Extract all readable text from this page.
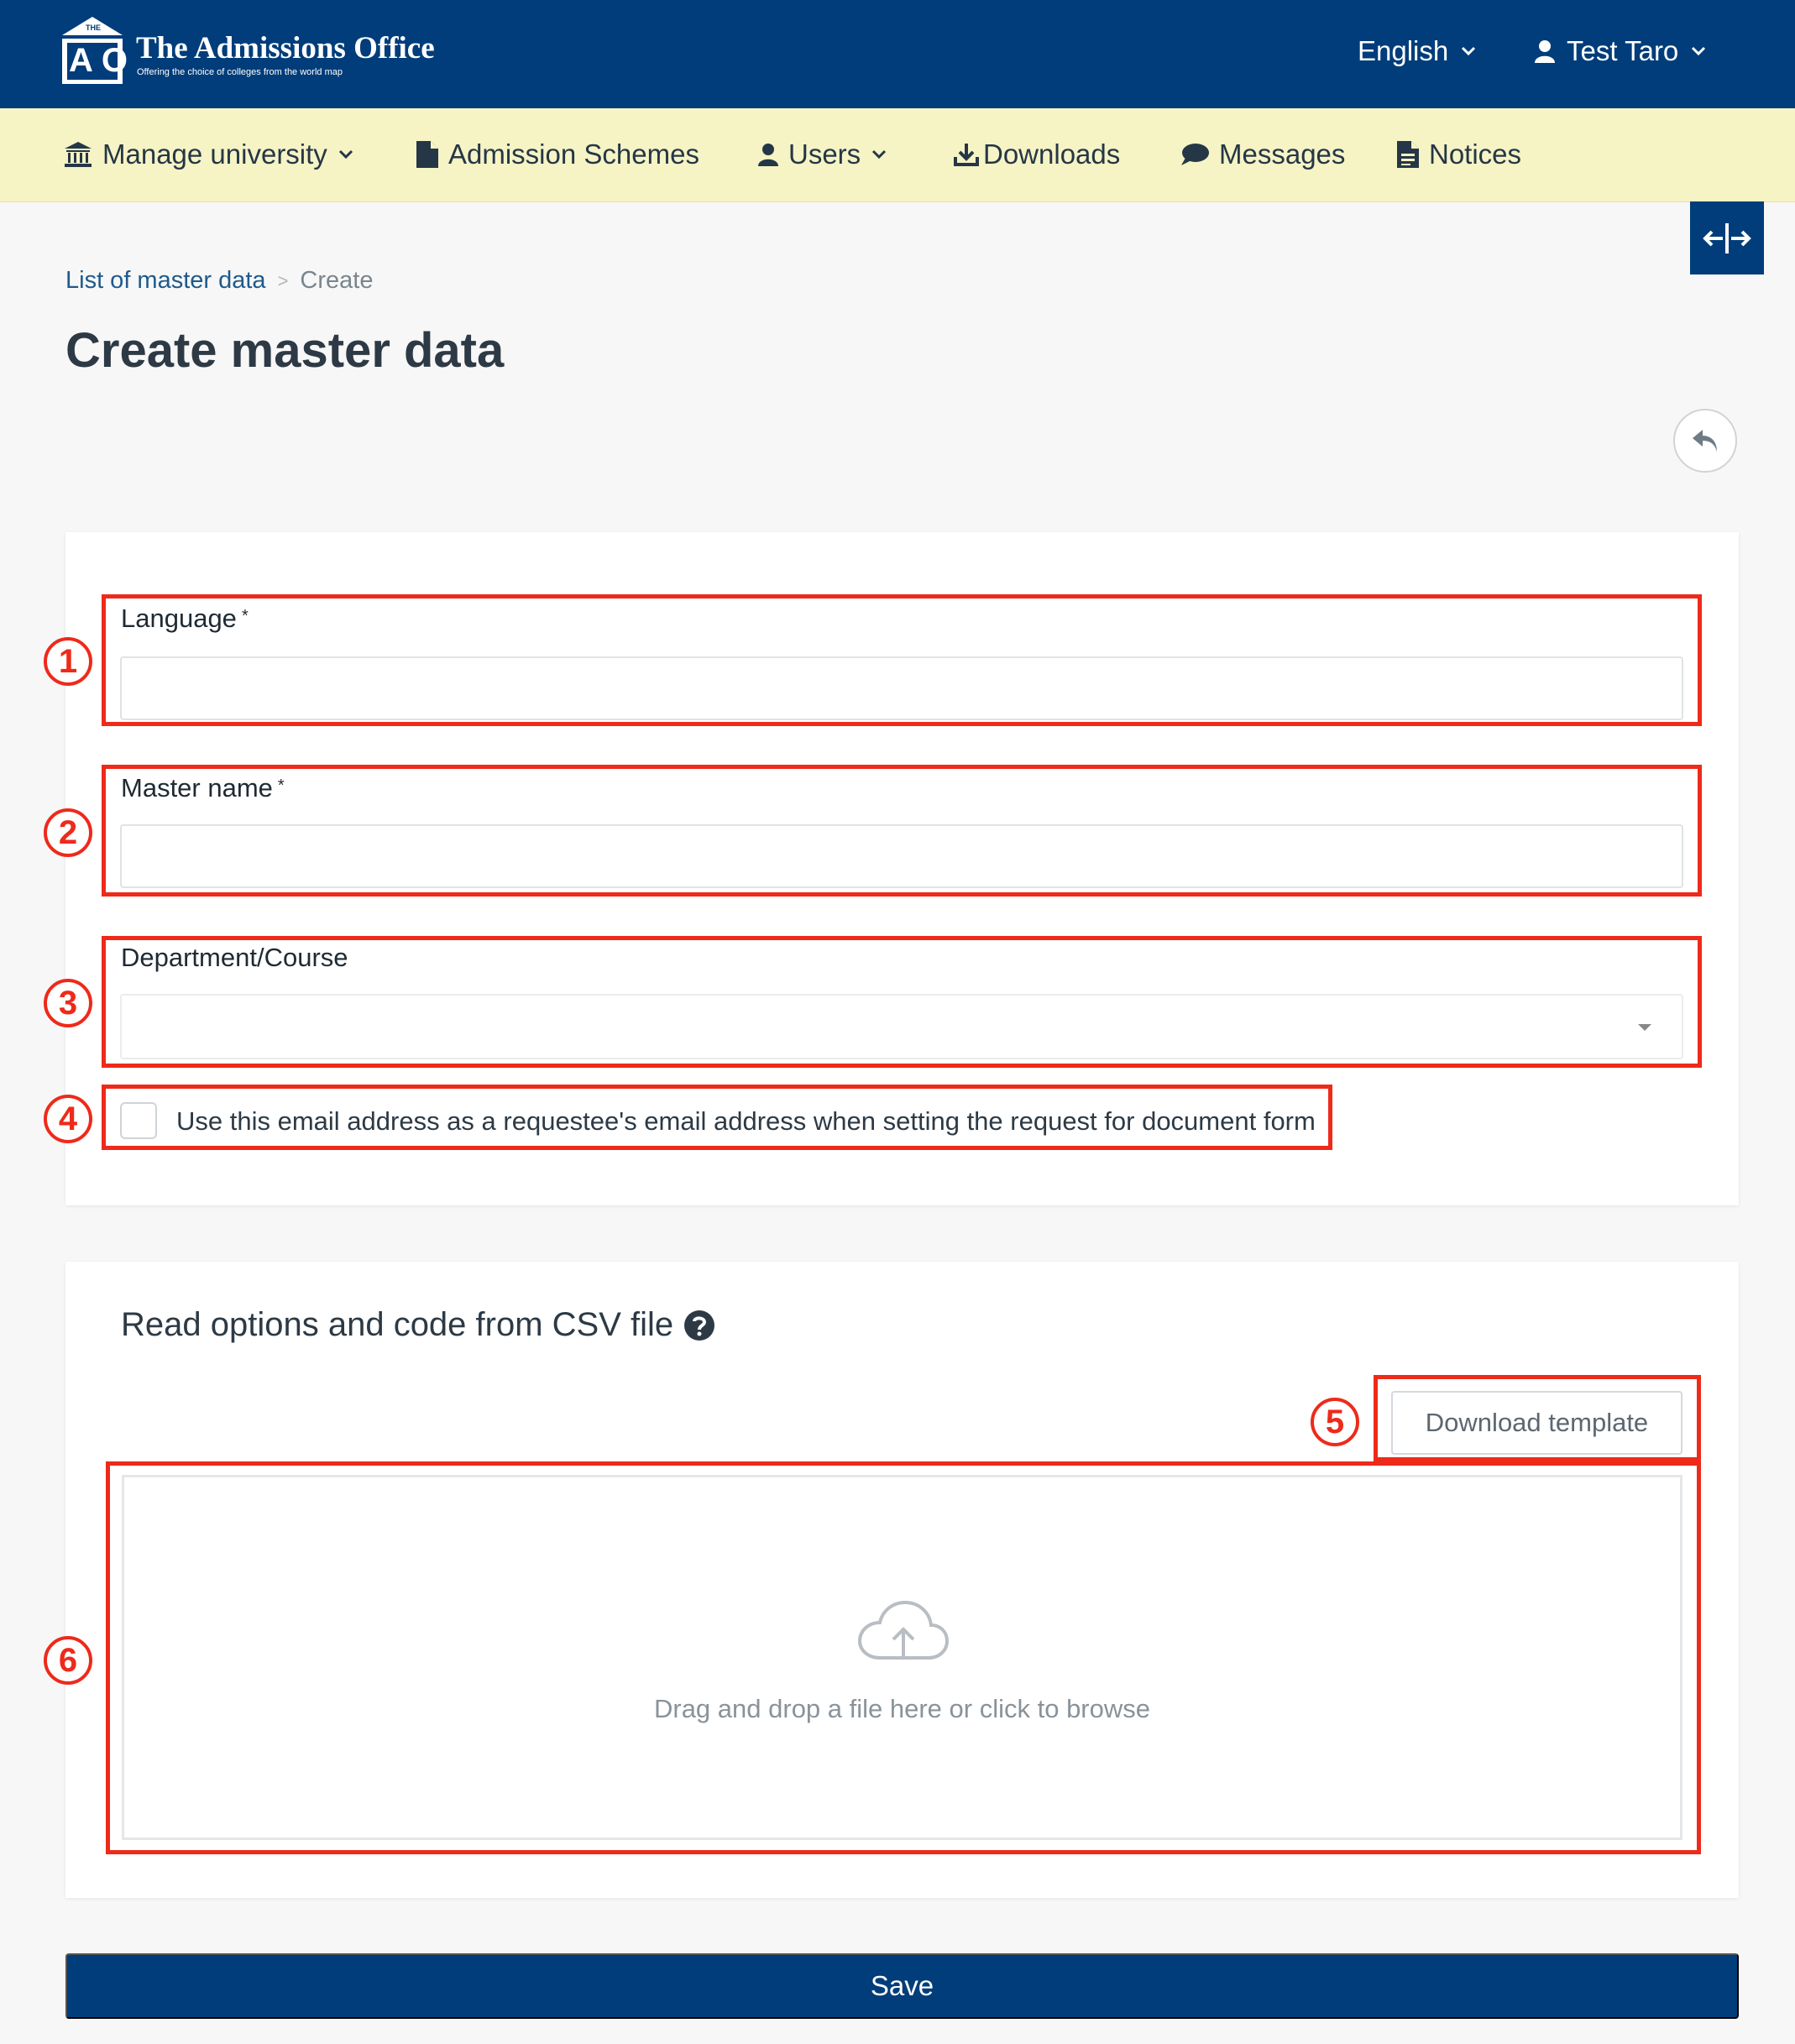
THE
AO The Admissions Office
Offering the choice of colleges from the world map
English	Test Taro
Manage university	Admission Schemes	Users	Downloads	Messages	Notices
List of master data > Create
Create master data
Language *
Master name *
Department/Course
Use this email address as a requestee's email address when setting the request for document form
Read options and code from CSV file
Download template
Drag and drop a file here or click to browse
Save
1
2
3
4
5
6
